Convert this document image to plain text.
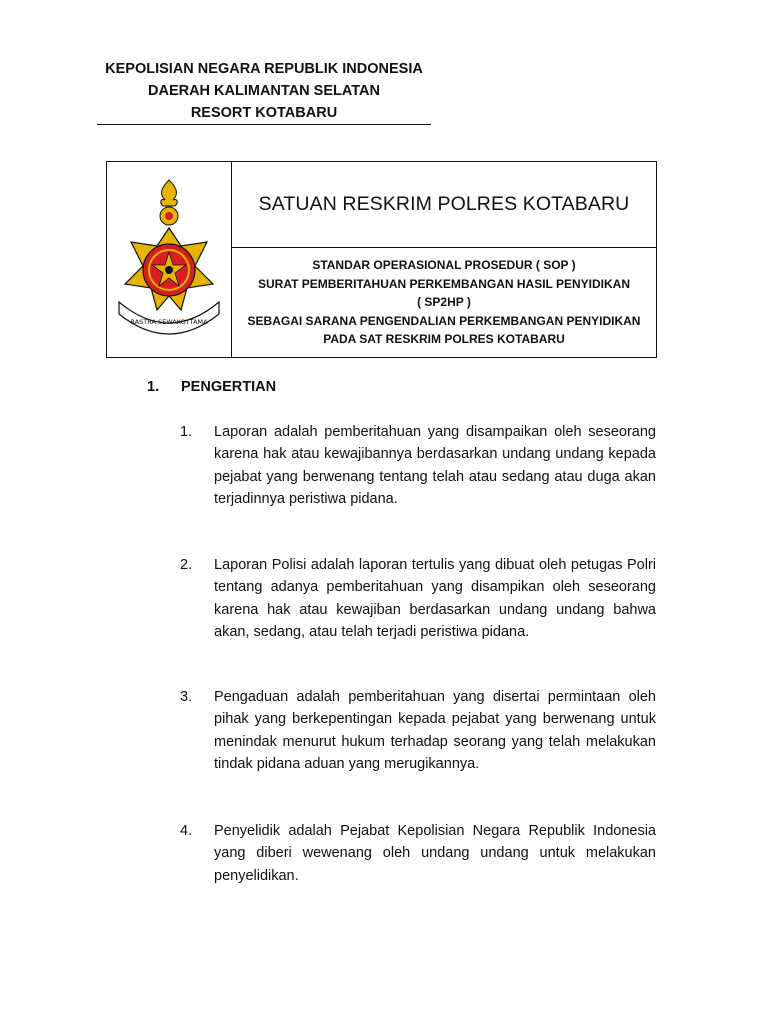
KEPOLISIAN NEGARA REPUBLIK INDONESIA
DAERAH KALIMANTAN SELATAN
RESORT KOTABARU
RASTRA SEWAKOTTAMA
SATUAN RESKRIM POLRES KOTABARU
STANDAR OPERASIONAL PROSEDUR ( SOP )
SURAT PEMBERITAHUAN PERKEMBANGAN HASIL PENYIDIKAN
( SP2HP )
SEBAGAI SARANA PENGENDALIAN PERKEMBANGAN PENYIDIKAN
PADA SAT RESKRIM POLRES KOTABARU
1. PENGERTIAN
1. Laporan adalah pemberitahuan yang disampaikan oleh seseorang karena hak atau kewajibannya berdasarkan undang undang kepada pejabat yang berwenang tentang telah atau sedang atau duga akan terjadinnya peristiwa pidana.
2. Laporan Polisi adalah laporan tertulis yang dibuat oleh petugas Polri tentang adanya pemberitahuan yang disampikan oleh seseorang karena hak atau kewajiban berdasarkan undang undang bahwa akan, sedang, atau telah terjadi peristiwa pidana.
3. Pengaduan adalah pemberitahuan yang disertai permintaan oleh pihak yang berkepentingan kepada pejabat yang berwenang untuk menindak menurut hukum terhadap seorang yang telah melakukan tindak pidana aduan yang merugikannya.
4. Penyelidik adalah Pejabat Kepolisian Negara Republik Indonesia yang diberi wewenang oleh undang undang untuk melakukan penyelidikan.
